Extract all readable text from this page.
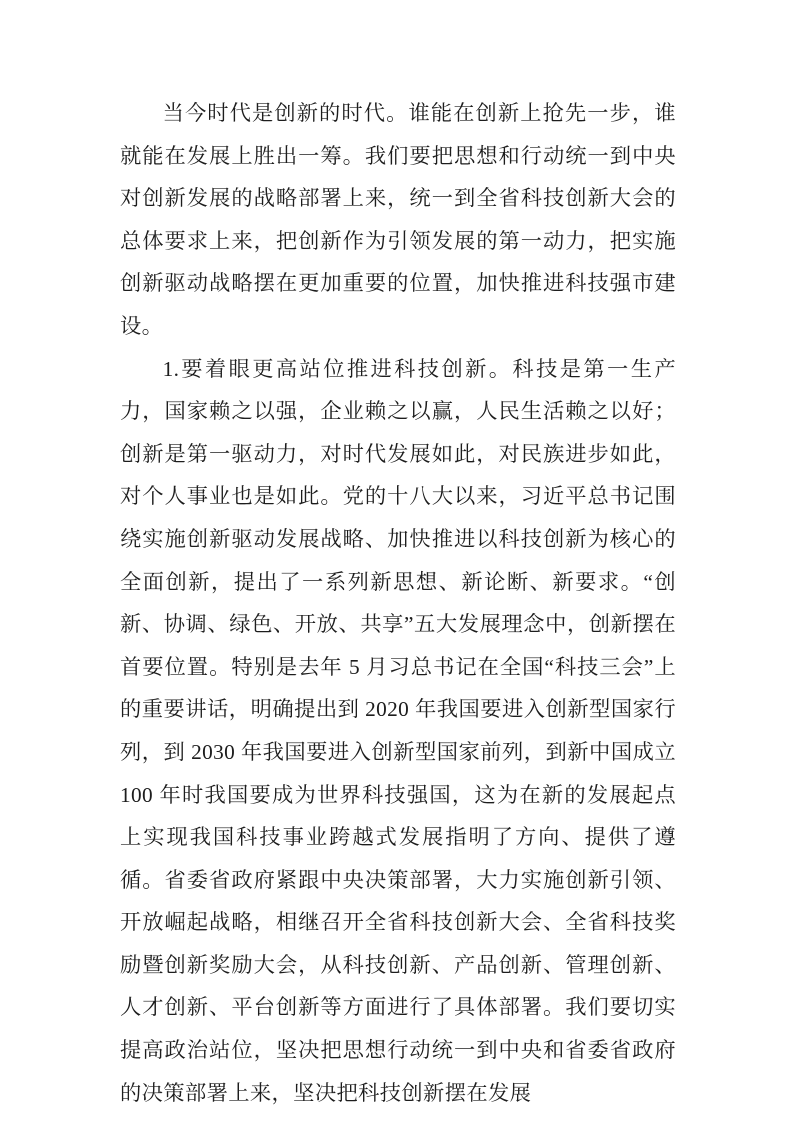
当今时代是创新的时代。谁能在创新上抢先一步，谁就能在发展上胜出一筹。我们要把思想和行动统一到中央对创新发展的战略部署上来，统一到全省科技创新大会的总体要求上来，把创新作为引领发展的第一动力，把实施创新驱动战略摆在更加重要的位置，加快推进科技强市建设。

1.要着眼更高站位推进科技创新。科技是第一生产力，国家赖之以强，企业赖之以赢，人民生活赖之以好；创新是第一驱动力，对时代发展如此，对民族进步如此，对个人事业也是如此。党的十八大以来，习近平总书记围绕实施创新驱动发展战略、加快推进以科技创新为核心的全面创新，提出了一系列新思想、新论断、新要求。“创新、协调、绿色、开放、共享”五大发展理念中，创新摆在首要位置。特别是去年 5 月习总书记在全国“科技三会”上的重要讲话，明确提出到 2020 年我国要进入创新型国家行列，到 2030 年我国要进入创新型国家前列，到新中国成立 100 年时我国要成为世界科技强国，这为在新的发展起点上实现我国科技事业跨越式发展指明了方向、提供了遵循。省委省政府紧跟中央决策部署，大力实施创新引领、开放崛起战略，相继召开全省科技创新大会、全省科技奖励暨创新奖励大会，从科技创新、产品创新、管理创新、人才创新、平台创新等方面进行了具体部署。我们要切实提高政治站位，坚决把思想行动统一到中央和省委省政府的决策部署上来，坚决把科技创新摆在发展
